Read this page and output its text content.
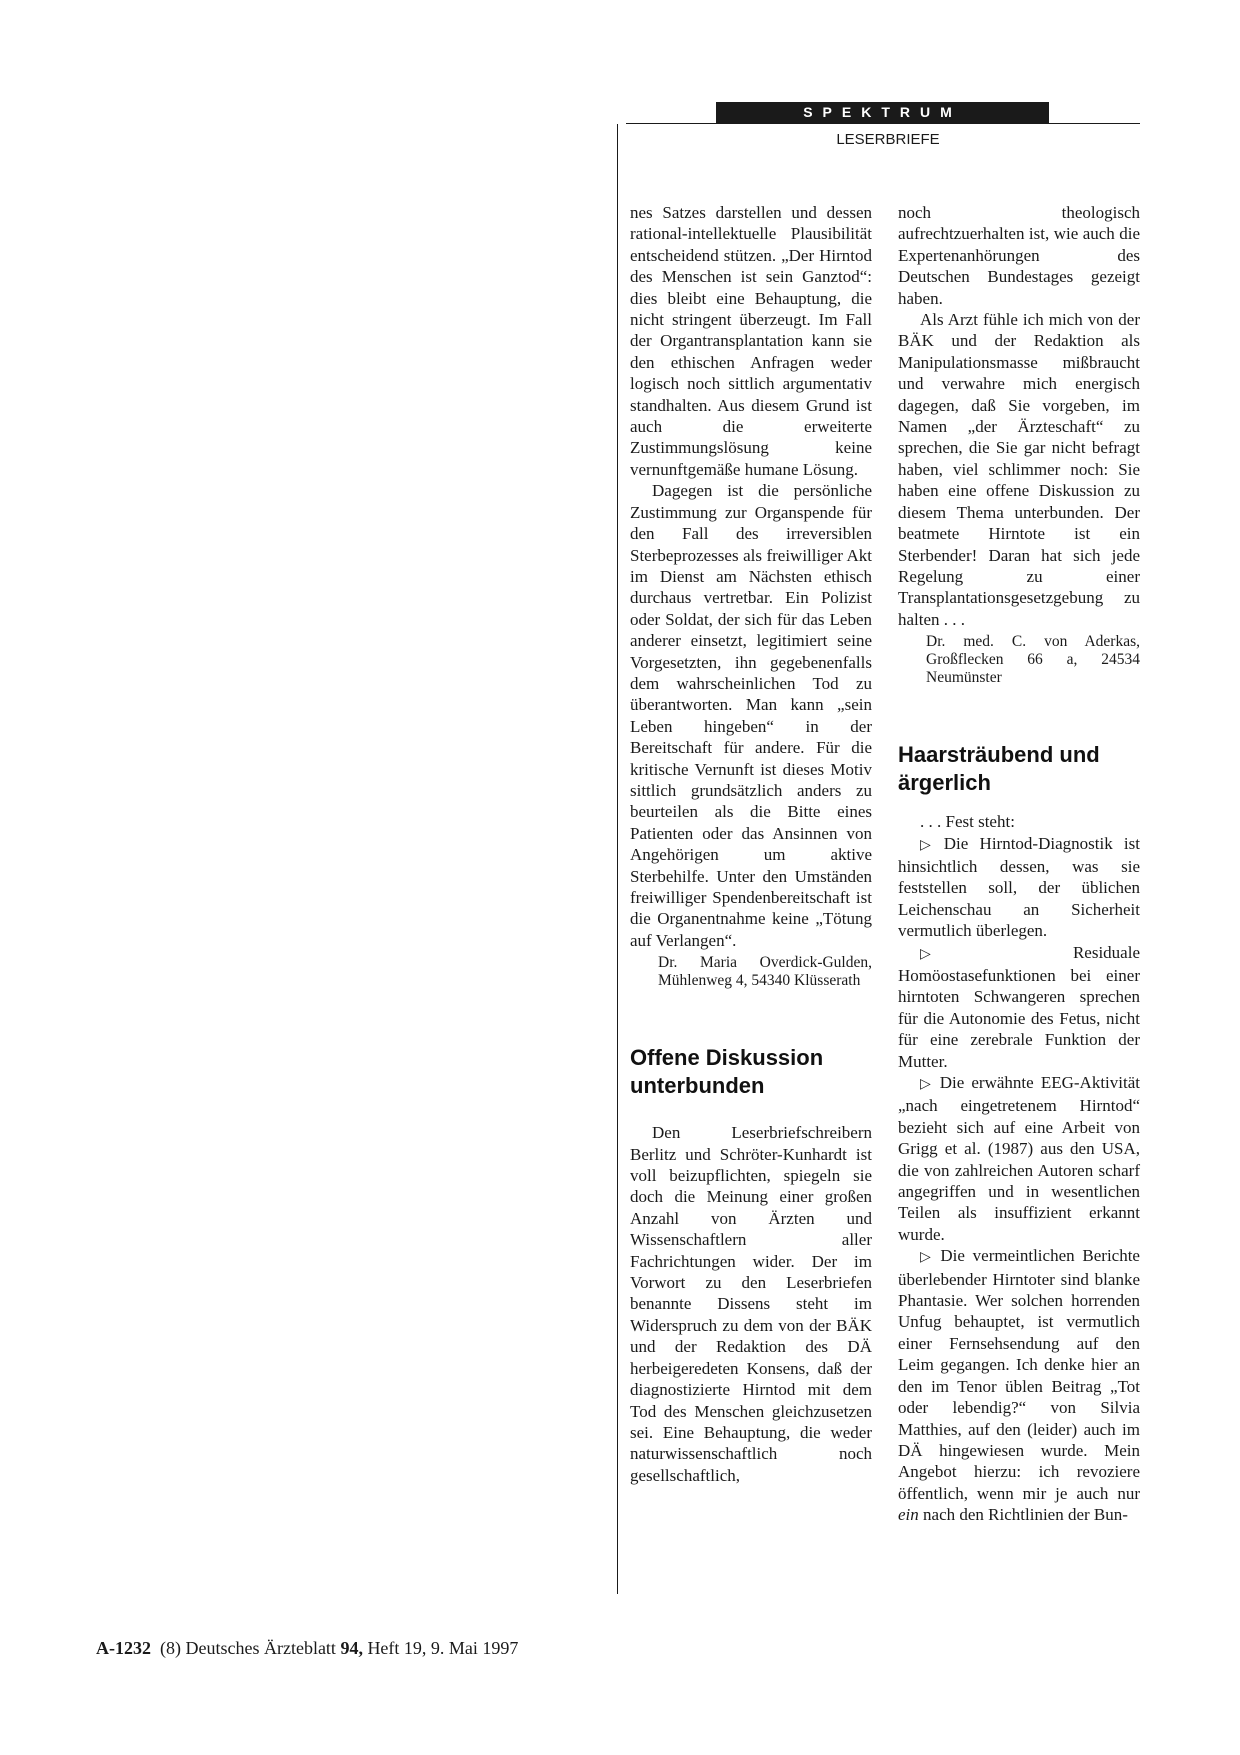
SPEKTRUM
LESERBRIEFE

nes Satzes darstellen und dessen rational-intellektuelle Plausibilität entscheidend stützen. „Der Hirntod des Menschen ist sein Ganztod“: dies bleibt eine Behauptung, die nicht stringent überzeugt. Im Fall der Organtransplantation kann sie den ethischen Anfragen weder logisch noch sittlich argumentativ standhalten. Aus diesem Grund ist auch die erweiterte Zustimmungslösung keine vernunftgemäße humane Lösung.

Dagegen ist die persönliche Zustimmung zur Organspende für den Fall des irreversiblen Sterbeprozesses als freiwilliger Akt im Dienst am Nächsten ethisch durchaus vertretbar. Ein Polizist oder Soldat, der sich für das Leben anderer einsetzt, legitimiert seine Vorgesetzten, ihn gegebenenfalls dem wahrscheinlichen Tod zu überantworten. Man kann „sein Leben hingeben“ in der Bereitschaft für andere. Für die kritische Vernunft ist dieses Motiv sittlich grundsätzlich anders zu beurteilen als die Bitte eines Patienten oder das Ansinnen von Angehörigen um aktive Sterbehilfe. Unter den Umständen freiwilliger Spendenbereitschaft ist die Organentnahme keine „Tötung auf Verlangen“.

Dr. Maria Overdick-Gulden, Mühlenweg 4, 54340 Klüsserath

Offene Diskussion unterbunden

Den Leserbriefschreibern Berlitz und Schröter-Kunhardt ist voll beizupflichten, spiegeln sie doch die Meinung einer großen Anzahl von Ärzten und Wissenschaftlern aller Fachrichtungen wider. Der im Vorwort zu den Leserbriefen benannte Dissens steht im Widerspruch zu dem von der BÄK und der Redaktion des DÄ herbeigeredeten Konsens, daß der diagnostizierte Hirntod mit dem Tod des Menschen gleichzusetzen sei. Eine Behauptung, die weder naturwissenschaftlich noch gesellschaftlich,

noch theologisch aufrechtzuerhalten ist, wie auch die Expertenanhörungen des Deutschen Bundestages gezeigt haben.

Als Arzt fühle ich mich von der BÄK und der Redaktion als Manipulationsmasse mißbraucht und verwahre mich energisch dagegen, daß Sie vorgeben, im Namen „der Ärzteschaft“ zu sprechen, die Sie gar nicht befragt haben, viel schlimmer noch: Sie haben eine offene Diskussion zu diesem Thema unterbunden. Der beatmete Hirntote ist ein Sterbender! Daran hat sich jede Regelung zu einer Transplantationsgesetzgebung zu halten . . .

Dr. med. C. von Aderkas, Großflecken 66 a, 24534 Neumünster

Haarsträubend und ärgerlich

. . . Fest steht:

▷ Die Hirntod-Diagnostik ist hinsichtlich dessen, was sie feststellen soll, der üblichen Leichenschau an Sicherheit vermutlich überlegen.

▷ Residuale Homöostasefunktionen bei einer hirntoten Schwangeren sprechen für die Autonomie des Fetus, nicht für eine zerebrale Funktion der Mutter.

▷ Die erwähnte EEG-Aktivität „nach eingetretenem Hirntod“ bezieht sich auf eine Arbeit von Grigg et al. (1987) aus den USA, die von zahlreichen Autoren scharf angegriffen und in wesentlichen Teilen als insuffizient erkannt wurde.

▷ Die vermeintlichen Berichte überlebender Hirntoter sind blanke Phantasie. Wer solchen horrenden Unfug behauptet, ist vermutlich einer Fernsehsendung auf den Leim gegangen. Ich denke hier an den im Tenor üblen Beitrag „Tot oder lebendig?“ von Silvia Matthies, auf den (leider) auch im DÄ hingewiesen wurde. Mein Angebot hierzu: ich revoziere öffentlich, wenn mir je auch nur ein nach den Richtlinien der Bun-

A-1232 (8) Deutsches Ärzteblatt 94, Heft 19, 9. Mai 1997
